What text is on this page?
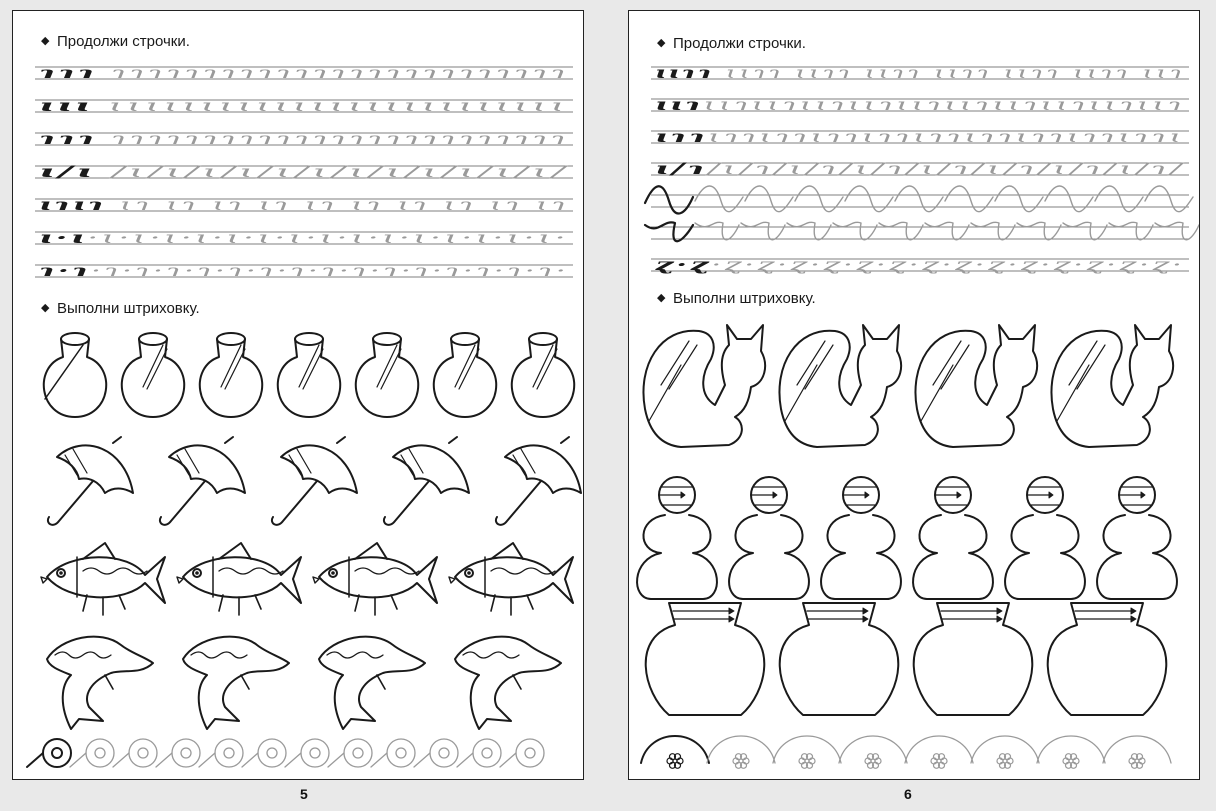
ɿɿɿ ɿɿɿɿɿɿɿɿɿɿɿɿɿɿɿɿɿɿɿɿɿɿɿɿɿ
ɩɩɩ ɩɩɩɩɩɩɩɩɩɩɩɩɩɩɩɩɩɩɩɩɩɩɩɩɩ
ɿɿɿ ɿɿɿɿɿɿɿɿɿɿɿɿɿɿɿɿɿɿɿɿɿɿɿɿɿ
ɩ/ɩ /ɩ/ɩ/ɩ/ɩ/ɩ/ɩ/ɩ/ɩ/ɩ/ɩ/ɩ/ɩ/
ɩɿɩɿ ɩɿ ɩɿ ɩɿ ɩɿ ɩɿ ɩɿ ɩɿ ɩɿ ɩɿ ɩɿ
ɩ·ɩ ·ɩ·ɩ·ɩ·ɩ·ɩ·ɩ·ɩ·ɩ·ɩ·ɩ·ɩ·ɩ·ɩ·ɩ·ɩ·
ɿ·ɿ ·ɿ·ɿ·ɿ·ɿ·ɿ·ɿ·ɿ·ɿ·ɿ·ɿ·ɿ·ɿ·ɿ·ɿ·ɿ·
◆ Продолжи строчки.
◆ Выполни штриховку.
5
ɩɩɿɿ ɩɩɿɿ ɩɩɿɿ ɩɩɿɿ ɩɩɿɿ ɩɩɿɿ ɩɩɿɿ ɩɩɿ
ɩɩɿ ɩɩɿɩɩɿɩɩɿɩɩɿɩɩɿɩɩɿɩɩɿɩɩɿɩɩɿɩɩɿ
ɩɿɿ ɩɿɿɩɿɿɩɿɿɩɿɿɩɿɿɩɿɿɩɿɿɩɿɿɩɿɿɩ
ɩ/ɿ /ɩ/ɿ/ɩ/ɿ/ɩ/ɿ/ɩ/ɿ/ɩ/ɿ/ɩ/ɿ/ɩ/ɿ/
ɀ·ɀ ·ɀ·ɀ·ɀ·ɀ·ɀ·ɀ·ɀ·ɀ·ɀ·ɀ·ɀ·ɀ·ɀ·ɀ·
◆ Продолжи строчки.
◆ Выполни штриховку.
6
